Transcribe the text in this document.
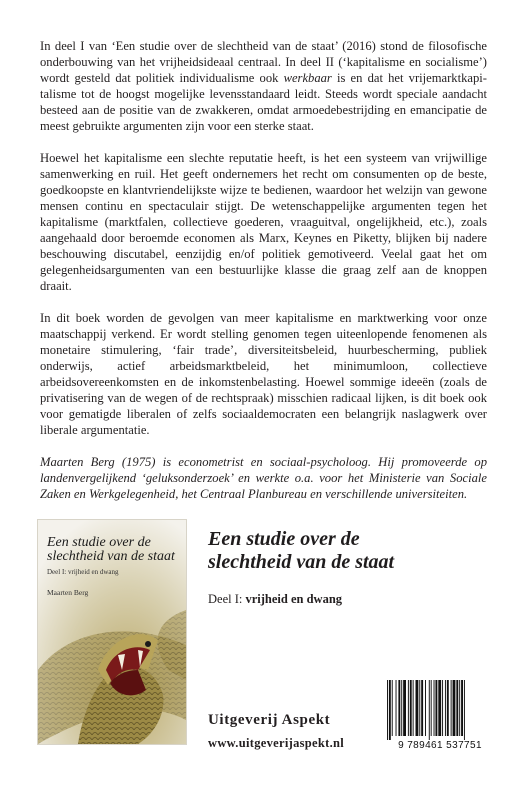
In deel I van ‘Een studie over de slechtheid van de staat’ (2016) stond de filosofische onderbouwing van het vrijheidsideaal centraal. In deel II (‘kapitalisme en socialisme’) wordt gesteld dat politiek individualisme ook werkbaar is en dat het vrijemarktkapitalisme tot de hoogst mogelijke levensstandaard leidt. Steeds wordt speciale aandacht besteed aan de positie van de zwakkeren, omdat armoedebestrijding en emancipatie de meest gebruikte argumenten zijn voor een sterke staat.

Hoewel het kapitalisme een slechte reputatie heeft, is het een systeem van vrijwillige samenwerking en ruil. Het geeft ondernemers het recht om consumenten op de beste, goedkoopste en klantvriendelijkste wijze te bedienen, waardoor het welzijn van gewone mensen continu en spectaculair stijgt. De wetenschappelijke argumenten tegen het kapitalisme (marktfalen, collectieve goederen, vraaguitval, ongelijkheid, etc.), zoals aangehaald door beroemde economen als Marx, Keynes en Piketty, blijken bij nadere beschouwing discutabel, eenzijdig en/of politiek gemotiveerd. Veelal gaat het om gelegenheidsargumenten van een bestuurlijke klasse die graag zelf aan de knoppen draait.

In dit boek worden de gevolgen van meer kapitalisme en marktwerking voor onze maatschappij verkend. Er wordt stelling genomen tegen uiteenlopende fenomenen als monetaire stimulering, ‘fair trade’, diversiteitsbeleid, huurbescherming, publiek onderwijs, actief arbeidsmarktbeleid, het minimumloon, collectieve arbeidsovereenkomsten en de inkomstenbelasting. Hoewel sommige ideeën (zoals de privatisering van de wegen of de rechtspraak) misschien radicaal lijken, is dit boek ook voor gematigde liberalen of zelfs sociaaldemocraten een belangrijk naslagwerk over liberale argumentatie.

Maarten Berg (1975) is econometrist en sociaal-psycholoog. Hij promoveerde op landenvergelijkend ‘geluksonderzoek’ en werkte o.a. voor het Ministerie van Sociale Zaken en Werkgelegenheid, het Centraal Planbureau en verschillende universiteiten.

Een studie over de slechtheid van de staat
Deel I: vrijheid en dwang
Maarten Berg
Een studie over de
slechtheid van de staat
Deel I: vrijheid en dwang
Uitgeverij Aspekt
www.uitgeverijaspekt.nl	9 789461 537751
